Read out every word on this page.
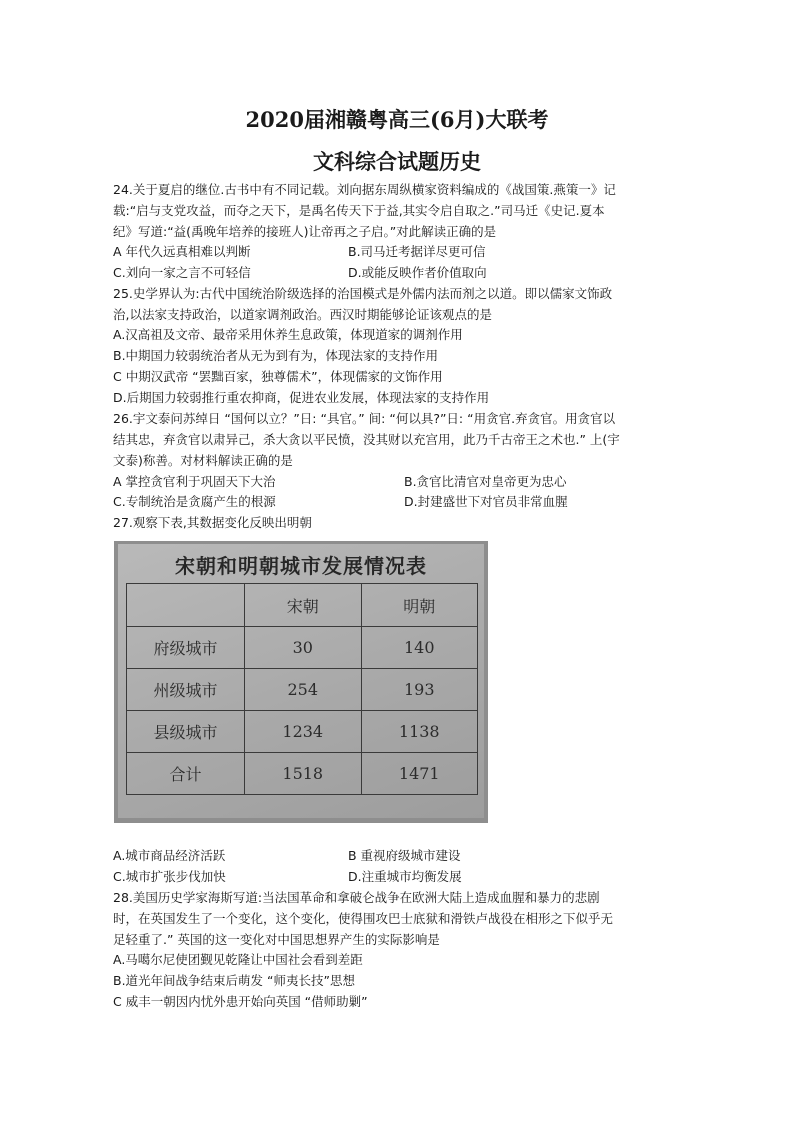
2020届湘赣粤高三(6月)大联考
文科综合试题历史
24.关于夏启的继位.古书中有不同记载。刘向据东周纵横家资料编成的《战国策.燕策一》记
载:“启与支党攻益，而夺之天下，是禹名传天下于益,其实令启自取之.”司马迁《史记.夏本
纪》写道:“益(禹晚年培养的接班人)让帝再之子启。”对此解读正确的是
A 年代久远真相难以判断	B.司马迁考据详尽更可信
C.刘向一家之言不可轻信	D.或能反映作者价值取向
25.史学界认为:古代中国统治阶级选择的治国模式是外儒内法而剂之以道。即以儒家文饰政
治,以法家支持政治，以道家调剂政治。西汉时期能够论证该观点的是
A.汉高祖及文帝、最帝采用休养生息政策，体现道家的调剂作用
B.中期国力较弱统治者从无为到有为，体现法家的支持作用
C 中期汉武帝 “罢黜百家，独尊儒术”，体现儒家的文饰作用
D.后期国力较弱推行重农抑商，促进农业发展，体现法家的支持作用
26.宇文泰问苏绰日 “国何以立？”日: “具官。” 间: “何以具?”日: “用贪官.弃贪官。用贪官以
结其忠，弃贪官以肃异己，杀大贪以平民愤，没其财以充宫用，此乃千古帝王之术也.” 上(宇
文泰)称善。对材料解读正确的是
A 掌控贪官利于巩固天下大治	B.贪官比清官对皇帝更为忠心
C.专制统治是贪腐产生的根源	D.封建盛世下对官员非常血腥
27.观察下表,其数据变化反映出明朝
宋朝和明朝城市发展情况表
	宋朝	明朝
府级城市	30	140
州级城市	254	193
县级城市	1234	1138
合计	1518	1471
A.城市商品经济活跃	B 重视府级城市建设
C.城市扩张步伐加快	D.注重城市均衡发展
28.美国历史学家海斯写道:当法国革命和拿破仑战争在欧洲大陆上造成血腥和暴力的悲剧
时，在英国发生了一个变化，这个变化，使得围攻巴士底狱和滑铁卢战役在相形之下似乎无
足轻重了.” 英国的这一变化对中国思想界产生的实际影响是
A.马噶尔尼使团觐见乾隆让中国社会看到差距
B.道光年间战争结束后萌发 “师夷长技”思想
C 威丰一朝因内忧外患开始向英国 “借师助剿”
